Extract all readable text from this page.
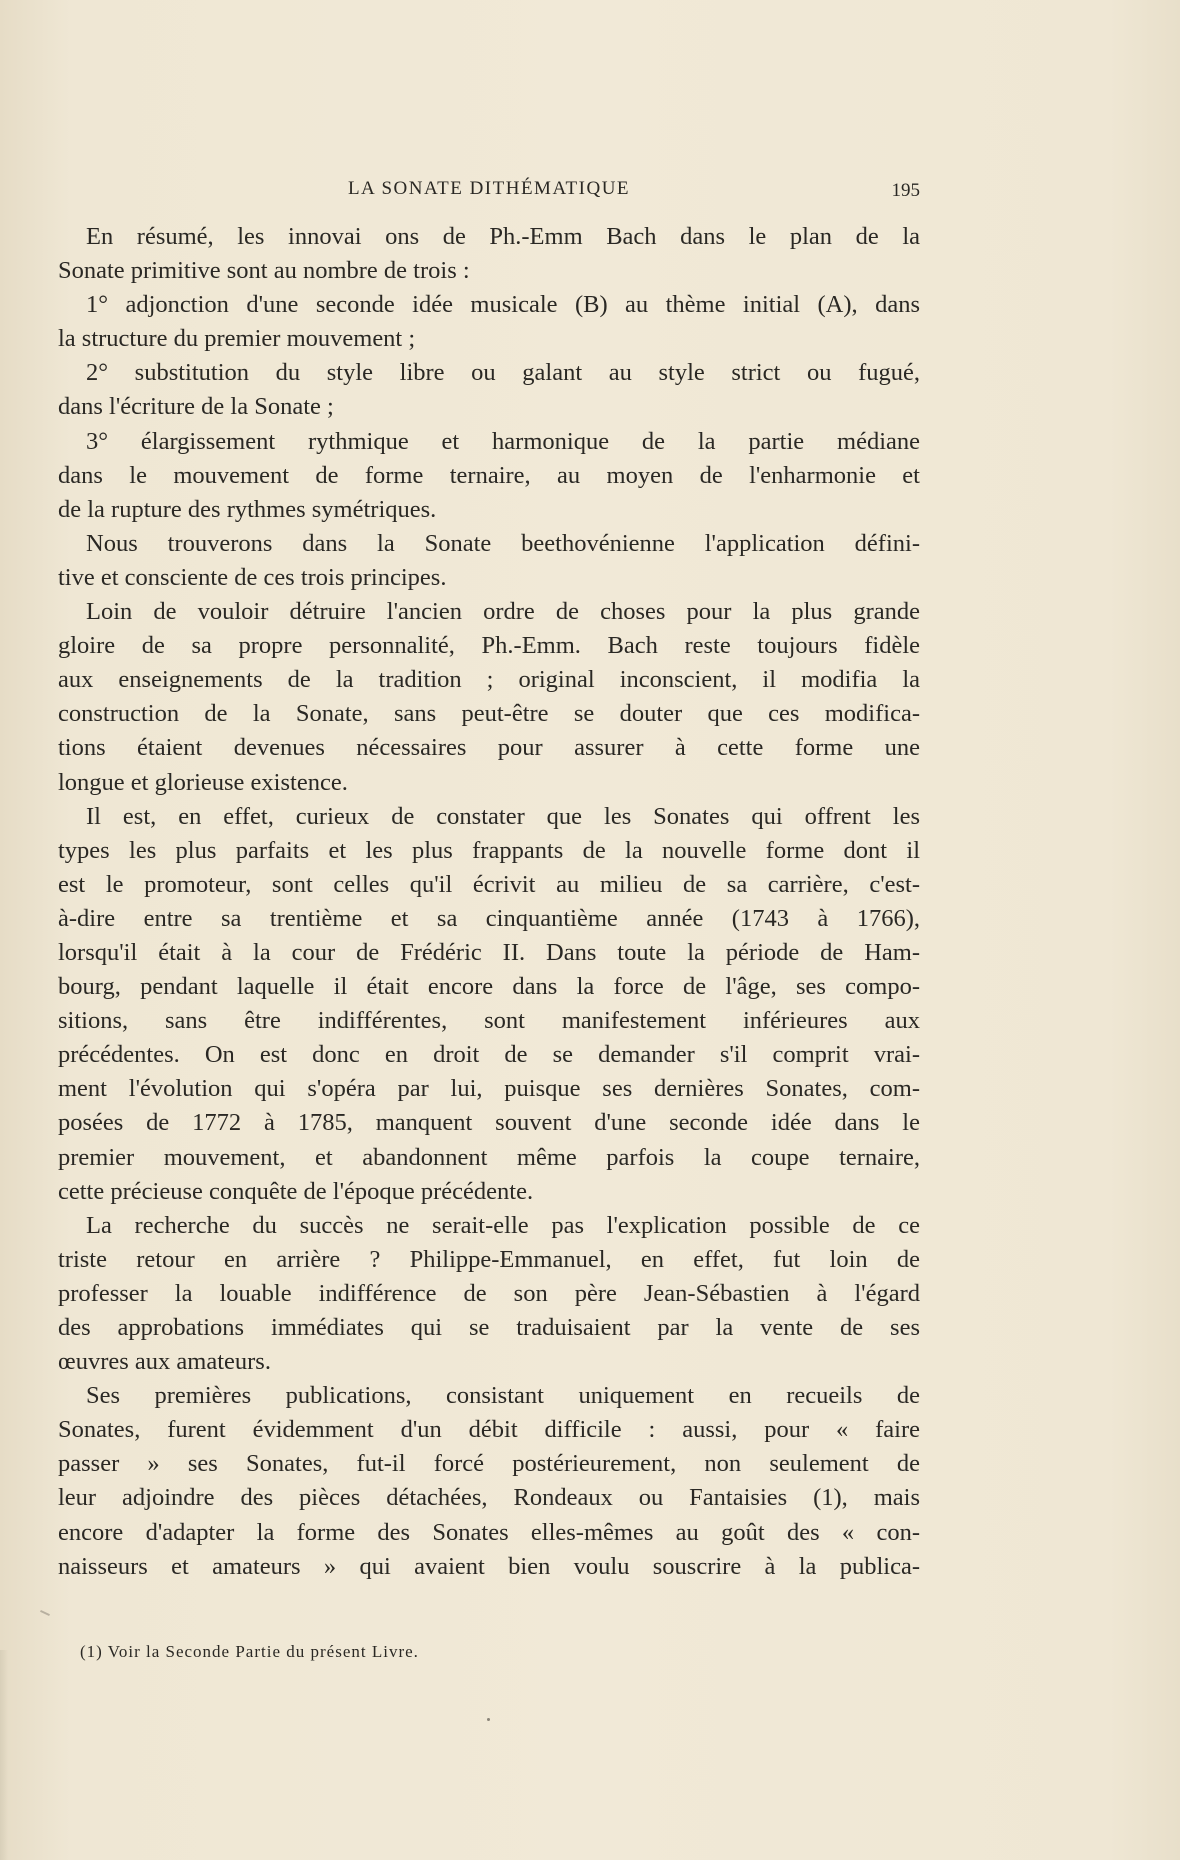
LA SONATE DITHÉMATIQUE	195

En résumé, les innovai ons de Ph.-Emm Bach dans le plan de la
Sonate primitive sont au nombre de trois :
1° adjonction d'une seconde idée musicale (B) au thème initial (A), dans
la structure du premier mouvement ;
2° substitution du style libre ou galant au style strict ou fugué,
dans l'écriture de la Sonate ;
3° élargissement rythmique et harmonique de la partie médiane
dans le mouvement de forme ternaire, au moyen de l'enharmonie et
de la rupture des rythmes symétriques.
Nous trouverons dans la Sonate beethovénienne l'application défini-
tive et consciente de ces trois principes.
Loin de vouloir détruire l'ancien ordre de choses pour la plus grande
gloire de sa propre personnalité, Ph.-Emm. Bach reste toujours fidèle
aux enseignements de la tradition ; original inconscient, il modifia la
construction de la Sonate, sans peut-être se douter que ces modifica-
tions étaient devenues nécessaires pour assurer à cette forme une
longue et glorieuse existence.
Il est, en effet, curieux de constater que les Sonates qui offrent les
types les plus parfaits et les plus frappants de la nouvelle forme dont il
est le promoteur, sont celles qu'il écrivit au milieu de sa carrière, c'est-
à-dire entre sa trentième et sa cinquantième année (1743 à 1766),
lorsqu'il était à la cour de Frédéric II. Dans toute la période de Ham-
bourg, pendant laquelle il était encore dans la force de l'âge, ses compo-
sitions, sans être indifférentes, sont manifestement inférieures aux
précédentes. On est donc en droit de se demander s'il comprit vrai-
ment l'évolution qui s'opéra par lui, puisque ses dernières Sonates, com-
posées de 1772 à 1785, manquent souvent d'une seconde idée dans le
premier mouvement, et abandonnent même parfois la coupe ternaire,
cette précieuse conquête de l'époque précédente.
La recherche du succès ne serait-elle pas l'explication possible de ce
triste retour en arrière ? Philippe-Emmanuel, en effet, fut loin de
professer la louable indifférence de son père Jean-Sébastien à l'égard
des approbations immédiates qui se traduisaient par la vente de ses
œuvres aux amateurs.
Ses premières publications, consistant uniquement en recueils de
Sonates, furent évidemment d'un débit difficile : aussi, pour « faire
passer » ses Sonates, fut-il forcé postérieurement, non seulement de
leur adjoindre des pièces détachées, Rondeaux ou Fantaisies (1), mais
encore d'adapter la forme des Sonates elles-mêmes au goût des « con-
naisseurs et amateurs » qui avaient bien voulu souscrire à la publica-

(1) Voir la Seconde Partie du présent Livre.
